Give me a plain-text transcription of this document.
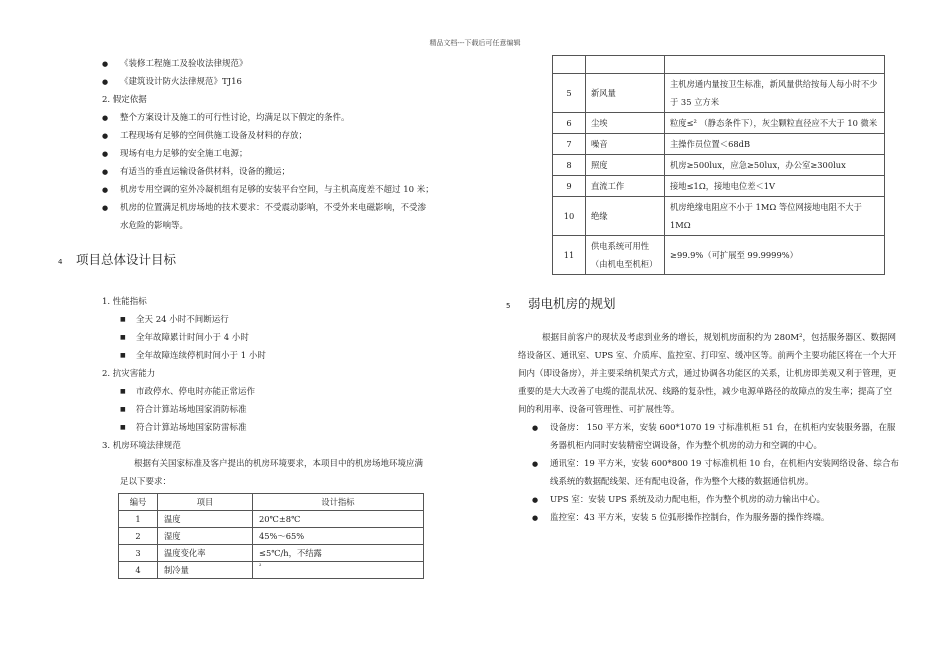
精品文档---下载后可任意编辑
● 《装修工程施工及验收法律规范》
● 《建筑设计防火法律规范》TJ16
2. 假定依据
● 整个方案设计及施工的可行性讨论，均满足以下假定的条件。
● 工程现场有足够的空间供施工设备及材料的存放；
● 现场有电力足够的安全施工电源；
● 有适当的垂直运输设备供材料，设备的搬运；
● 机房专用空调的室外冷凝机组有足够的安装平台空间，与主机高度差不超过 10 米；
● 机房的位置满足机房场地的技术要求：不受震动影响，不受外来电磁影响，不受渗
水危险的影响等。
4 项目总体设计目标
1. 性能指标
■ 全天 24 小时不间断运行
■ 全年故障累计时间小于 4 小时
■ 全年故障连续停机时间小于 1 小时
2. 抗灾害能力
■ 市政停水、停电时亦能正常运作
■ 符合计算站场地国家消防标准
■ 符合计算站场地国家防雷标准
3. 机房环境法律规范
根据有关国家标准及客户提出的机房环境要求，本项目中的机房场地环境应满
足以下要求：
编号	项目	设计指标
1	温度	20℃±8℃
2	湿度	45%～65%
3	温度变化率	≤5℃/h，不结露
4	制冷量	²

5	新风量	主机房通内量按卫生标准，新风量供给按每人每小时不少于 35 立方米
6	尘埃	粒度≤² （静态条件下），灰尘颗粒直径应不大于 10 微米
7	噪音	主操作员位置＜68dB
8	照度	机房≥500lux，应急≥50lux，办公室≥300lux
9	直流工作	接地≤1Ω，接地电位差＜1V
10	绝缘	机房绝缘电阻应不小于 1MΩ 等位网接地电阻不大于 1MΩ
11	供电系统可用性（由机电至机柜）	≥99.9%（可扩展至 99.9999%）
5 弱电机房的规划
根据目前客户的现状及考虑到业务的增长，规划机房面积约为 280M²，包括服务器区、数据网络设备区、通讯室、UPS 室、介质库、监控室、打印室、缓冲区等。前两个主要功能区将在一个大开间内（即设备房），并主要采纳机架式方式，通过协调各功能区的关系，让机房即美观又利于管理，更重要的是大大改善了电缆的混乱状况、线路的复杂性，减少电源单路径的故障点的发生率；提高了空间的利用率、设备可管理性、可扩展性等。
● 设备房： 150 平方米，安装 600*1070 19 寸标准机柜 51 台，在机柜内安装服务器，在服务器机柜内同时安装精密空调设备，作为整个机房的动力和空调的中心。
● 通讯室：19 平方米，安装 600*800 19 寸标准机柜 10 台，在机柜内安装网络设备、综合布线系统的数据配线架、还有配电设备，作为整个大楼的数据通信机房。
● UPS 室：安装 UPS 系统及动力配电柜，作为整个机房的动力输出中心。
● 监控室：43 平方米，安装 5 位弧形操作控制台，作为服务器的操作终端。
